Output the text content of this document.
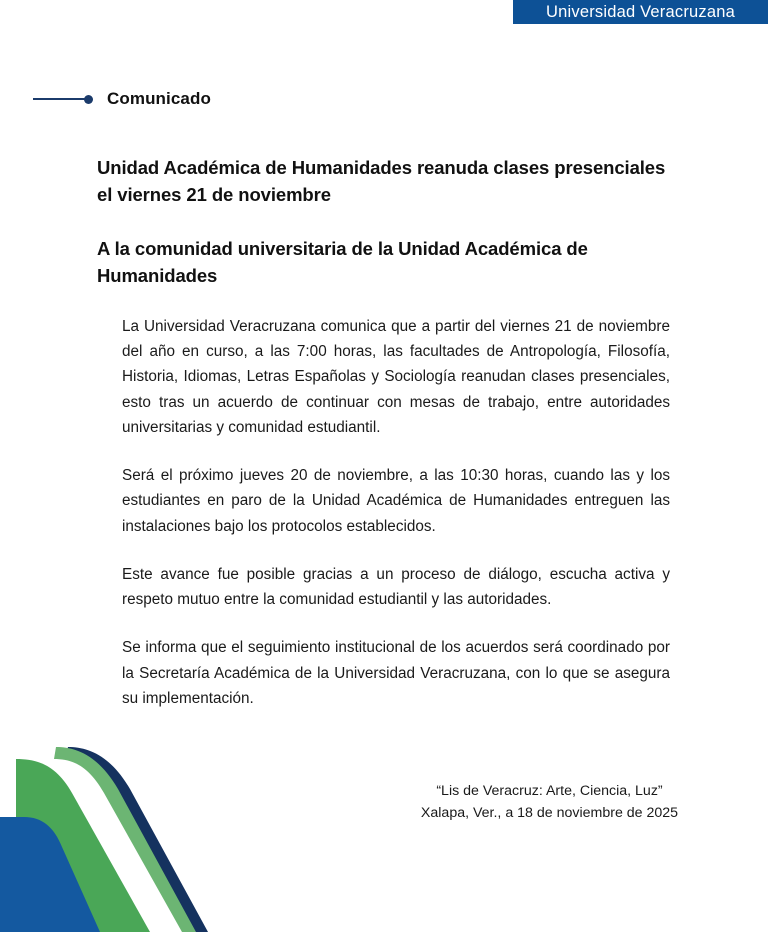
Universidad Veracruzana
Comunicado
Unidad Académica de Humanidades reanuda clases presenciales el viernes 21 de noviembre
A la comunidad universitaria de la Unidad Académica de Humanidades

La Universidad Veracruzana comunica que a partir del viernes 21 de noviembre del año en curso, a las 7:00 horas, las facultades de Antropología, Filosofía, Historia, Idiomas, Letras Españolas y Sociología reanudan clases presenciales, esto tras un acuerdo de continuar con mesas de trabajo, entre autoridades universitarias y comunidad estudiantil.

Será el próximo jueves 20 de noviembre, a las 10:30 horas, cuando las y los estudiantes en paro de la Unidad Académica de Humanidades entreguen las instalaciones bajo los protocolos establecidos.

Este avance fue posible gracias a un proceso de diálogo, escucha activa y respeto mutuo entre la comunidad estudiantil y las autoridades.

Se informa que el seguimiento institucional de los acuerdos será coordinado por la Secretaría Académica de la Universidad Veracruzana, con lo que se asegura su implementación.

“Lis de Veracruz: Arte, Ciencia, Luz”
Xalapa, Ver., a 18 de noviembre de 2025
